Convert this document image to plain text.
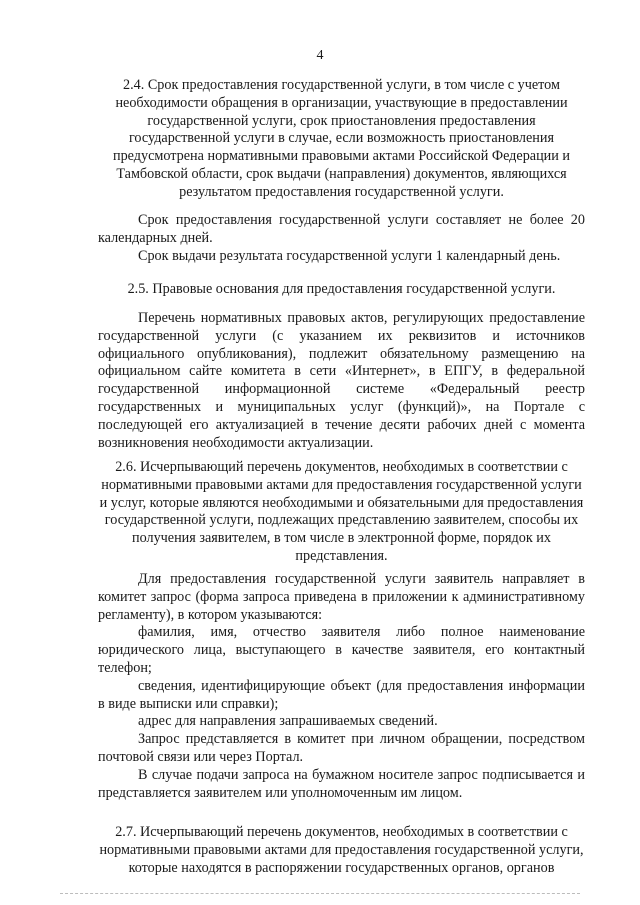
4

2.4. Срок предоставления государственной услуги, в том числе с учетом необходимости обращения в организации, участвующие в предоставлении государственной услуги, срок приостановления предоставления государственной услуги в случае, если возможность приостановления предусмотрена нормативными правовыми актами Российской Федерации и Тамбовской области, срок выдачи (направления) документов, являющихся результатом предоставления государственной услуги.

Срок предоставления государственной услуги составляет не более 20 календарных дней.

Срок выдачи результата государственной услуги 1 календарный день.

2.5. Правовые основания для предоставления государственной услуги.

Перечень нормативных правовых актов, регулирующих предоставление государственной услуги (с указанием их реквизитов и источников официального опубликования), подлежит обязательному размещению на официальном сайте комитета в сети «Интернет», в ЕПГУ, в федеральной государственной информационной системе «Федеральный реестр государственных и муниципальных услуг (функций)», на Портале с последующей его актуализацией в течение десяти рабочих дней с момента возникновения необходимости актуализации.

2.6. Исчерпывающий перечень документов, необходимых в соответствии с нормативными правовыми актами для предоставления государственной услуги и услуг, которые являются необходимыми и обязательными для предоставления государственной услуги, подлежащих представлению заявителем, способы их получения заявителем, в том числе в электронной форме, порядок их представления.

Для предоставления государственной услуги заявитель направляет в комитет запрос (форма запроса приведена в приложении к административному регламенту), в котором указываются:

фамилия, имя, отчество заявителя либо полное наименование юридического лица, выступающего в качестве заявителя, его контактный телефон;

сведения, идентифицирующие объект (для предоставления информации в виде выписки или справки);

адрес для направления запрашиваемых сведений.

Запрос представляется в комитет при личном обращении, посредством почтовой связи или через Портал.

В случае подачи запроса на бумажном носителе запрос подписывается и представляется заявителем или уполномоченным им лицом.

2.7. Исчерпывающий перечень документов, необходимых в соответствии с нормативными правовыми актами для предоставления государственной услуги, которые находятся в распоряжении государственных органов, органов
